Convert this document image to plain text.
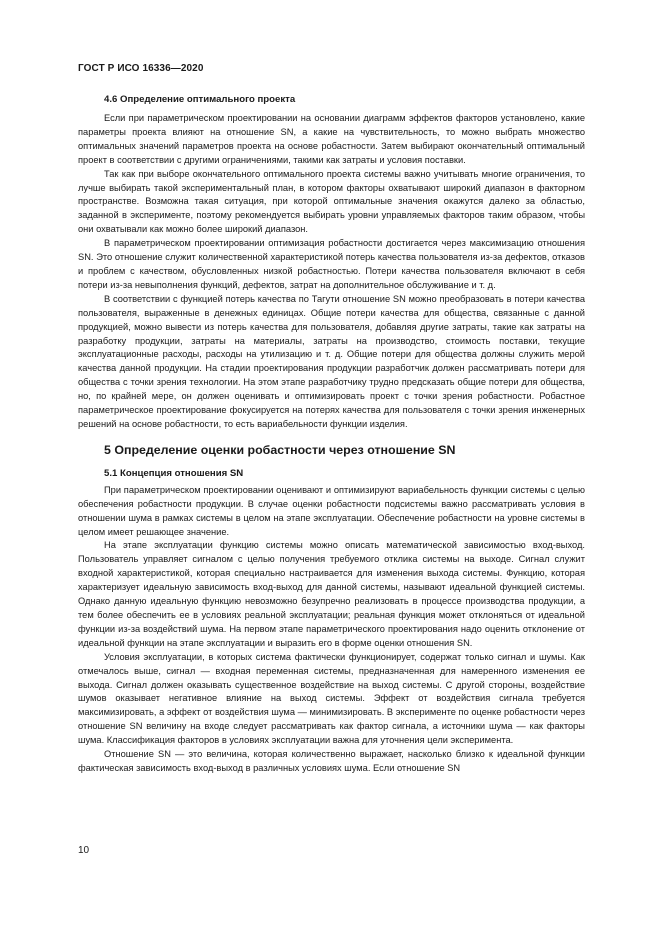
ГОСТ Р ИСО 16336—2020
4.6 Определение оптимального проекта

Если при параметрическом проектировании на основании диаграмм эффектов факторов установлено, какие параметры проекта влияют на отношение SN, а какие на чувствительность, то можно выбрать множество оптимальных значений параметров проекта на основе робастности. Затем выбирают окончательный оптимальный проект в соответствии с другими ограничениями, такими как затраты и условия поставки.

Так как при выборе окончательного оптимального проекта системы важно учитывать многие ограничения, то лучше выбирать такой экспериментальный план, в котором факторы охватывают широкий диапазон в факторном пространстве. Возможна такая ситуация, при которой оптимальные значения окажутся далеко за областью, заданной в эксперименте, поэтому рекомендуется выбирать уровни управляемых факторов таким образом, чтобы они охватывали как можно более широкий диапазон.

В параметрическом проектировании оптимизация робастности достигается через максимизацию отношения SN. Это отношение служит количественной характеристикой потерь качества пользователя из-за дефектов, отказов и проблем с качеством, обусловленных низкой робастностью. Потери качества пользователя включают в себя потери из-за невыполнения функций, дефектов, затрат на дополнительное обслуживание и т. д.

В соответствии с функцией потерь качества по Тагути отношение SN можно преобразовать в потери качества пользователя, выраженные в денежных единицах. Общие потери качества для общества, связанные с данной продукцией, можно вывести из потерь качества для пользователя, добавляя другие затраты, такие как затраты на разработку продукции, затраты на материалы, затраты на производство, стоимость поставки, текущие эксплуатационные расходы, расходы на утилизацию и т. д. Общие потери для общества должны служить мерой качества данной продукции. На стадии проектирования продукции разработчик должен рассматривать потери для общества с точки зрения технологии. На этом этапе разработчику трудно предсказать общие потери для общества, но, по крайней мере, он должен оценивать и оптимизировать проект с точки зрения робастности. Робастное параметрическое проектирование фокусируется на потерях качества для пользователя с точки зрения инженерных решений на основе робастности, то есть вариабельности функции изделия.

5 Определение оценки робастности через отношение SN
5.1 Концепция отношения SN

При параметрическом проектировании оценивают и оптимизируют вариабельность функции системы с целью обеспечения робастности продукции. В случае оценки робастности подсистемы важно рассматривать условия в отношении шума в рамках системы в целом на этапе эксплуатации. Обеспечение робастности на уровне системы в целом имеет решающее значение.

На этапе эксплуатации функцию системы можно описать математической зависимостью вход-выход. Пользователь управляет сигналом с целью получения требуемого отклика системы на выходе. Сигнал служит входной характеристикой, которая специально настраивается для изменения выхода системы. Функцию, которая характеризует идеальную зависимость вход-выход для данной системы, называют идеальной функцией системы. Однако данную идеальную функцию невозможно безупречно реализовать в процессе производства продукции, а тем более обеспечить ее в условиях реальной эксплуатации; реальная функция может отклоняться от идеальной функции из-за воздействий шума. На первом этапе параметрического проектирования надо оценить отклонение от идеальной функции на этапе эксплуатации и выразить его в форме оценки отношения SN.

Условия эксплуатации, в которых система фактически функционирует, содержат только сигнал и шумы. Как отмечалось выше, сигнал — входная переменная системы, предназначенная для намеренного изменения ее выхода. Сигнал должен оказывать существенное воздействие на выход системы. С другой стороны, воздействие шумов оказывает негативное влияние на выход системы. Эффект от воздействия сигнала требуется максимизировать, а эффект от воздействия шума — минимизировать. В эксперименте по оценке робастности через отношение SN величину на входе следует рассматривать как фактор сигнала, а источники шума — как факторы шума. Классификация факторов в условиях эксплуатации важна для уточнения цели эксперимента.

Отношение SN — это величина, которая количественно выражает, насколько близко к идеальной функции фактическая зависимость вход-выход в различных условиях шума. Если отношение SN

10
